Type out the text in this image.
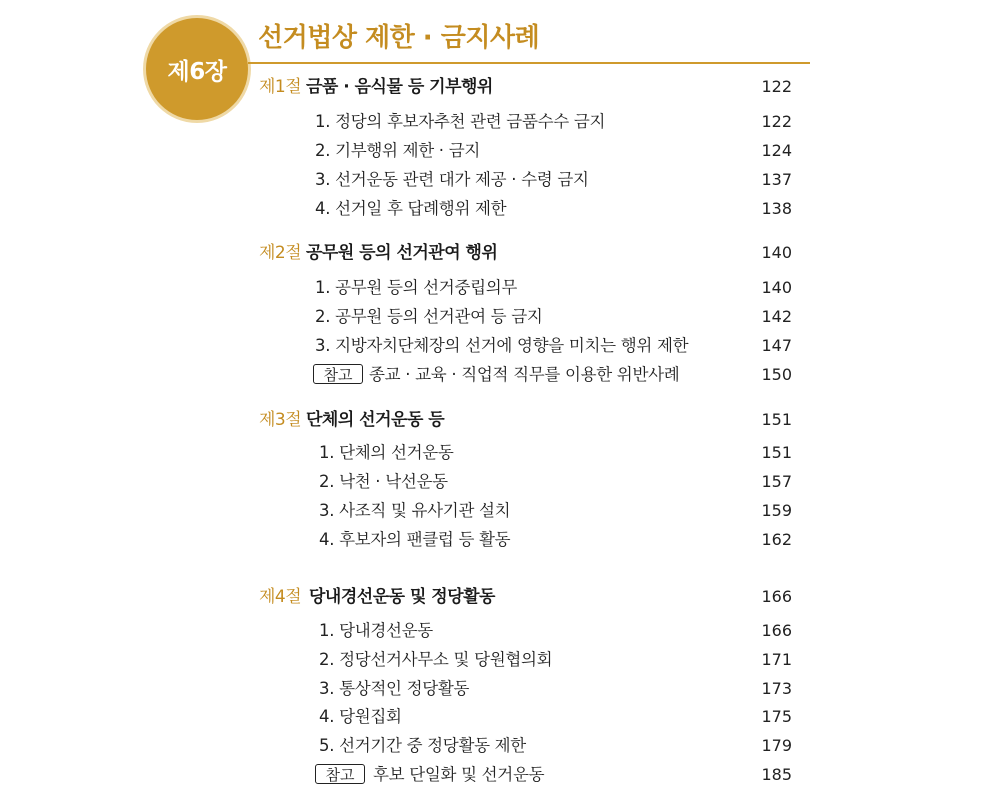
제6장
선거법상 제한 · 금지사례
제1절 금품 · 음식물 등 기부행위	122
1. 정당의 후보자추천 관련 금품수수 금지	122
2. 기부행위 제한 · 금지	124
3. 선거운동 관련 대가 제공 · 수령 금지	137
4. 선거일 후 답례행위 제한	138
제2절 공무원 등의 선거관여 행위	140
1. 공무원 등의 선거중립의무	140
2. 공무원 등의 선거관여 등 금지	142
3. 지방자치단체장의 선거에 영향을 미치는 행위 제한	147
참고	종교 · 교육 · 직업적 직무를 이용한 위반사례	150
제3절 단체의 선거운동 등	151
1. 단체의 선거운동	151
2. 낙천 · 낙선운동	157
3. 사조직 및 유사기관 설치	159
4. 후보자의 팬클럽 등 활동	162
제4절 당내경선운동 및 정당활동	166
1. 당내경선운동	166
2. 정당선거사무소 및 당원협의회	171
3. 통상적인 정당활동	173
4. 당원집회	175
5. 선거기간 중 정당활동 제한	179
참고	후보 단일화 및 선거운동	185
